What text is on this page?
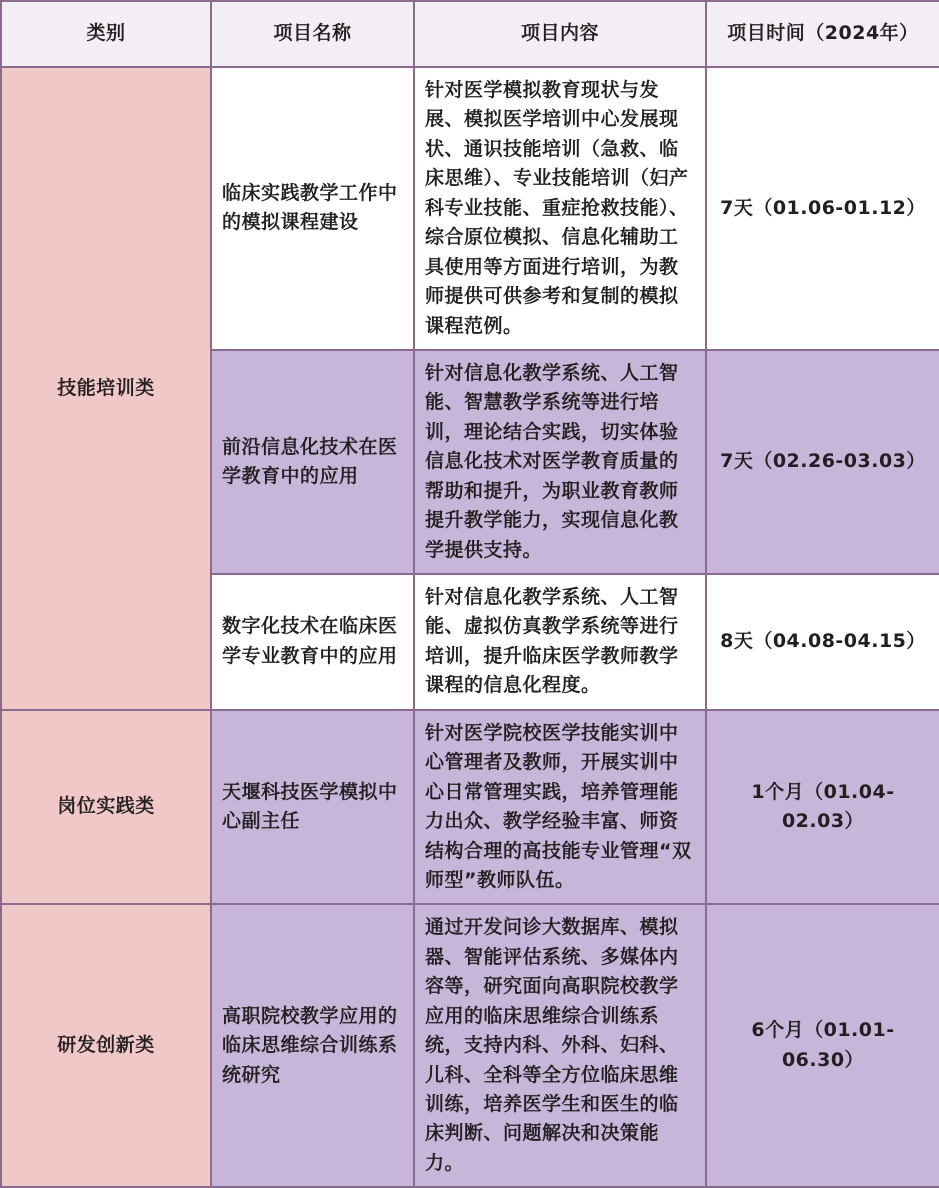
类别	项目名称	项目内容	项目时间（2024年）
技能培训类	临床实践教学工作中的模拟课程建设	针对医学模拟教育现状与发展、模拟医学培训中心发展现状、通识技能培训（急救、临床思维）、专业技能培训（妇产科专业技能、重症抢救技能）、综合原位模拟、信息化辅助工具使用等方面进行培训，为教师提供可供参考和复制的模拟课程范例。	7天（01.06-01.12）
	前沿信息化技术在医学教育中的应用	针对信息化教学系统、人工智能、智慧教学系统等进行培训，理论结合实践，切实体验信息化技术对医学教育质量的帮助和提升，为职业教育教师提升教学能力，实现信息化教学提供支持。	7天（02.26-03.03）
	数字化技术在临床医学专业教育中的应用	针对信息化教学系统、人工智能、虚拟仿真教学系统等进行培训，提升临床医学教师教学课程的信息化程度。	8天（04.08-04.15）
岗位实践类	天堰科技医学模拟中心副主任	针对医学院校医学技能实训中心管理者及教师，开展实训中心日常管理实践，培养管理能力出众、教学经验丰富、师资结构合理的高技能专业管理“双师型”教师队伍。	1个月（01.04-02.03）
研发创新类	高职院校教学应用的临床思维综合训练系统研究	通过开发问诊大数据库、模拟器、智能评估系统、多媒体内容等，研究面向高职院校教学应用的临床思维综合训练系统，支持内科、外科、妇科、儿科、全科等全方位临床思维训练，培养医学生和医生的临床判断、问题解决和决策能力。	6个月（01.01-06.30）
